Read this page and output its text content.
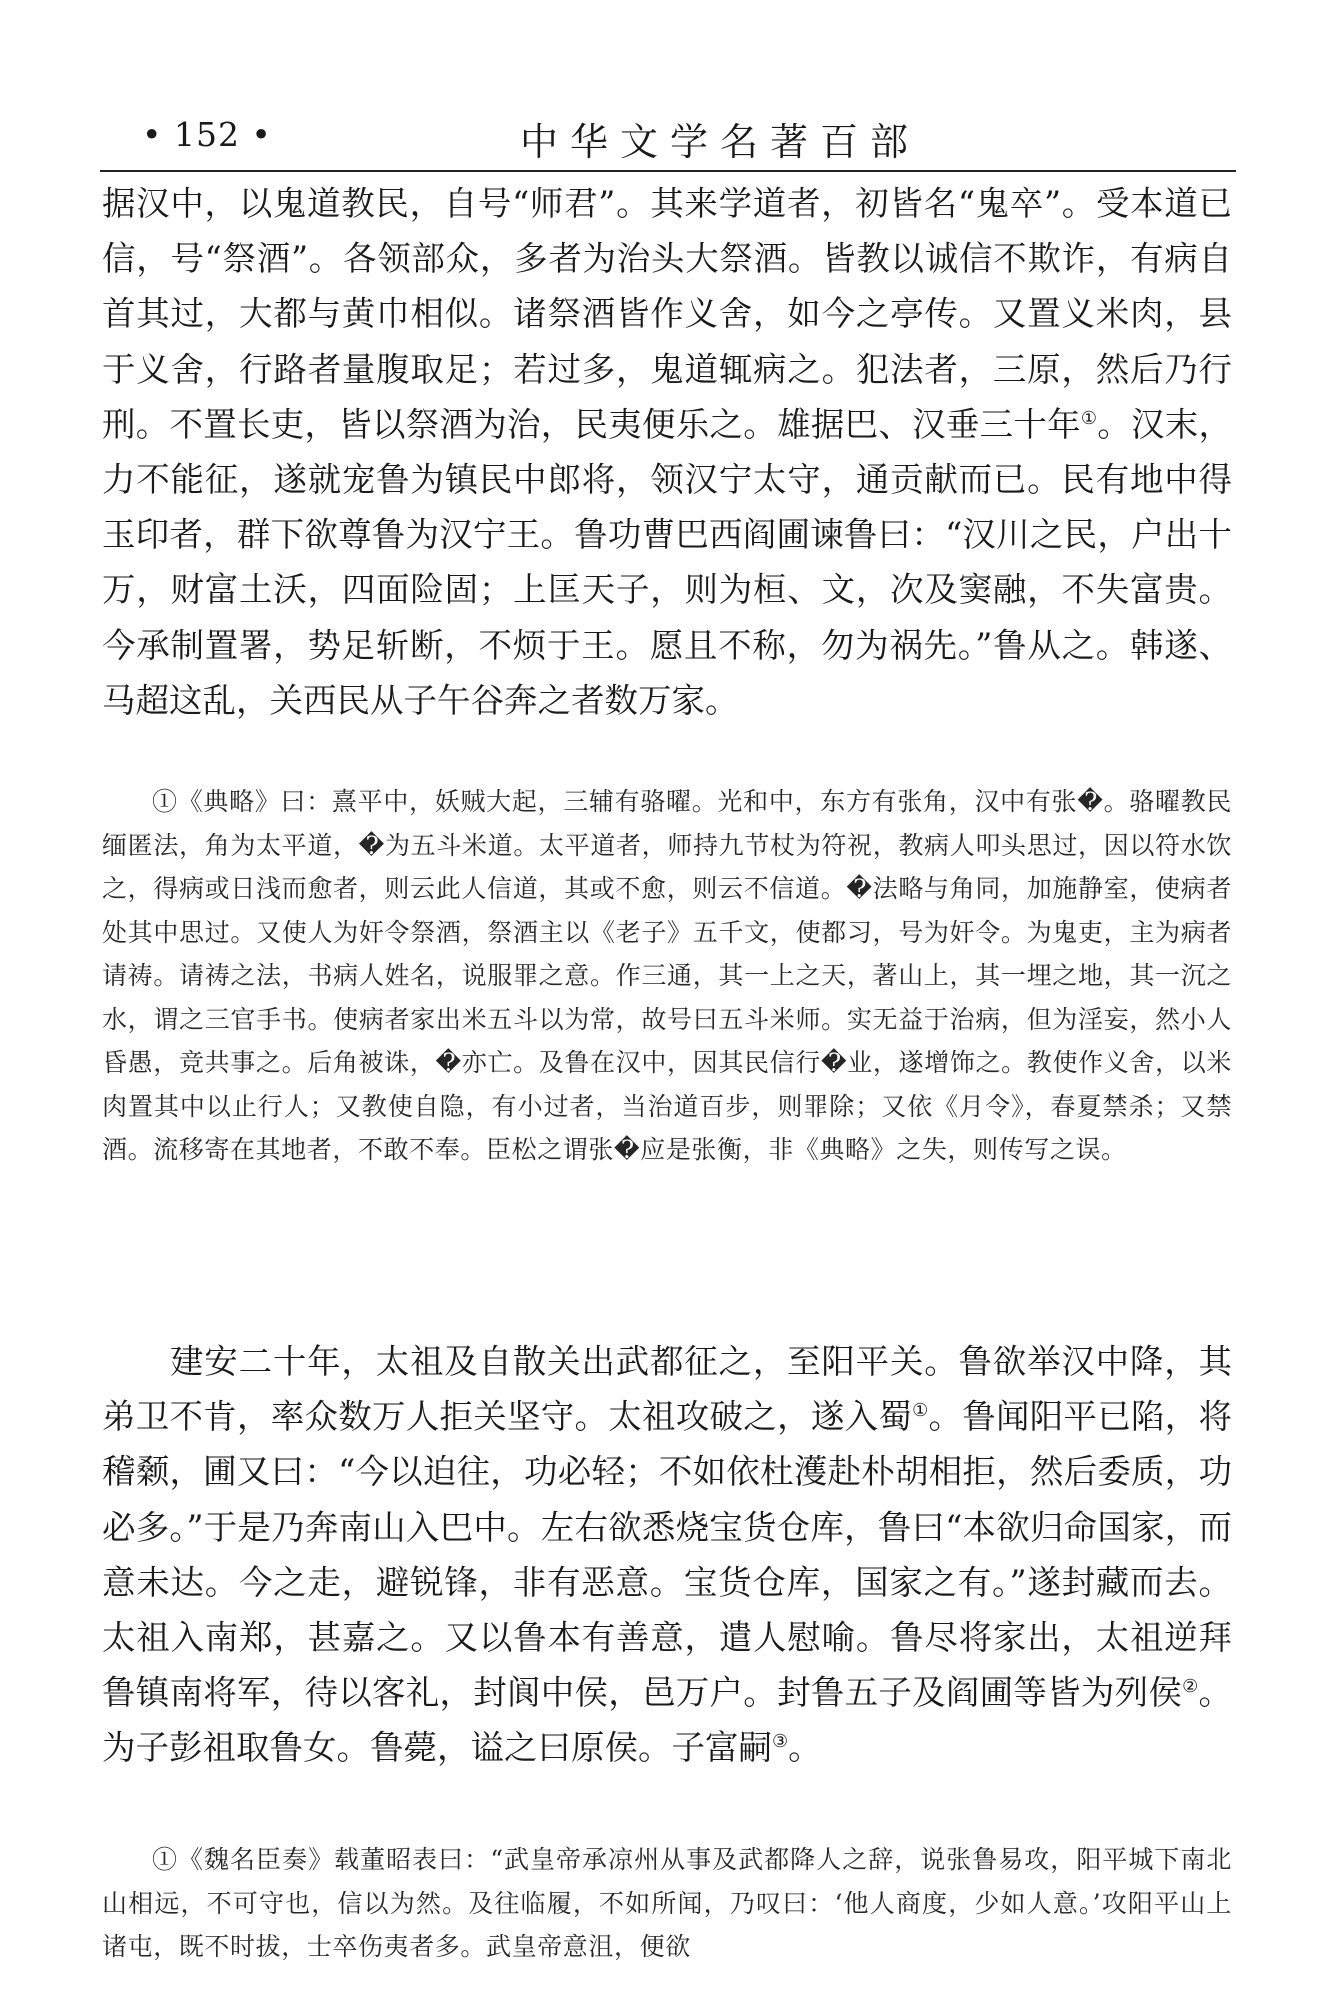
• 152 •	中华文学名著百部

据汉中，以鬼道教民，自号“师君”。其来学道者，初皆名“鬼卒”。受本道已信，号“祭酒”。各领部众，多者为治头大祭酒。皆教以诚信不欺诈，有病自首其过，大都与黄巾相似。诸祭酒皆作义舍，如今之亭传。又置义米肉，县于义舍，行路者量腹取足；若过多，鬼道辄病之。犯法者，三原，然后乃行刑。不置长吏，皆以祭酒为治，民夷便乐之。雄据巴、汉垂三十年①。汉末，力不能征，遂就宠鲁为镇民中郎将，领汉宁太守，通贡献而已。民有地中得玉印者，群下欲尊鲁为汉宁王。鲁功曹巴西阎圃谏鲁曰：“汉川之民，户出十万，财富土沃，四面险固；上匡天子，则为桓、文，次及窦融，不失富贵。今承制置署，势足斩断，不烦于王。愿且不称，勿为祸先。”鲁从之。韩遂、马超这乱，关西民从子午谷奔之者数万家。

①《典略》曰：熹平中，妖贼大起，三辅有骆曜。光和中，东方有张角，汉中有张�。骆曜教民缅匿法，角为太平道，�为五斗米道。太平道者，师持九节杖为符祝，教病人叩头思过，因以符水饮之，得病或日浅而愈者，则云此人信道，其或不愈，则云不信道。�法略与角同，加施静室，使病者处其中思过。又使人为奸令祭酒，祭酒主以《老子》五千文，使都习，号为奸令。为鬼吏，主为病者请祷。请祷之法，书病人姓名，说服罪之意。作三通，其一上之天，著山上，其一埋之地，其一沉之水，谓之三官手书。使病者家出米五斗以为常，故号曰五斗米师。实无益于治病，但为淫妄，然小人昏愚，竞共事之。后角被诛，�亦亡。及鲁在汉中，因其民信行�业，遂增饰之。教使作义舍，以米肉置其中以止行人；又教使自隐，有小过者，当治道百步，则罪除；又依《月令》，春夏禁杀；又禁酒。流移寄在其地者，不敢不奉。臣松之谓张�应是张衡，非《典略》之失，则传写之误。

建安二十年，太祖及自散关出武都征之，至阳平关。鲁欲举汉中降，其弟卫不肯，率众数万人拒关坚守。太祖攻破之，遂入蜀①。鲁闻阳平已陷，将稽颡，圃又曰：“今以迫往，功必轻；不如依杜濩赴朴胡相拒，然后委质，功必多。”于是乃奔南山入巴中。左右欲悉烧宝货仓库，鲁曰“本欲归命国家，而意未达。今之走，避锐锋，非有恶意。宝货仓库，国家之有。”遂封藏而去。太祖入南郑，甚嘉之。又以鲁本有善意，遣人慰喻。鲁尽将家出，太祖逆拜鲁镇南将军，待以客礼，封阆中侯，邑万户。封鲁五子及阎圃等皆为列侯②。为子彭祖取鲁女。鲁薨，谥之曰原侯。子富嗣③。

①《魏名臣奏》载董昭表曰：“武皇帝承凉州从事及武都降人之辞，说张鲁易攻，阳平城下南北山相远，不可守也，信以为然。及往临履，不如所闻，乃叹曰：‘他人商度，少如人意。’攻阳平山上诸屯，既不时拔，士卒伤夷者多。武皇帝意沮，便欲
